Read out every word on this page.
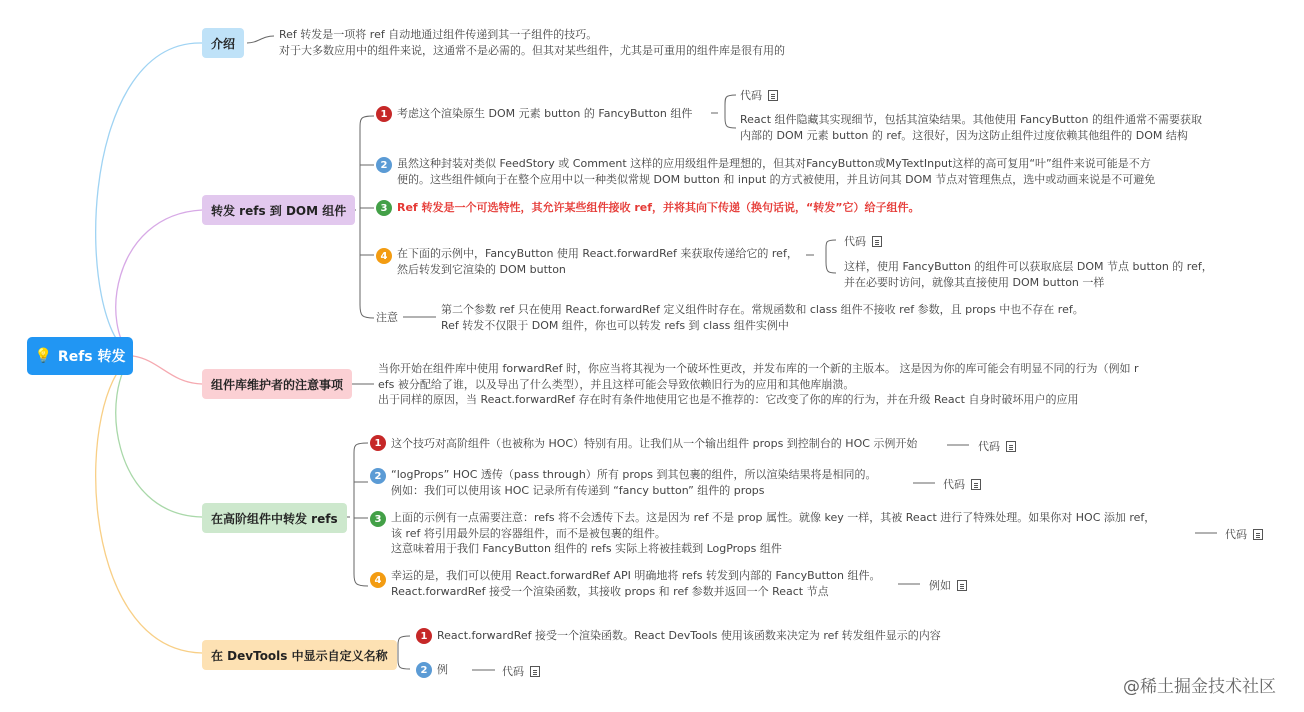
💡 Refs 转发
介绍
Ref 转发是一项将 ref 自动地通过组件传递到其一子组件的技巧。
对于大多数应用中的组件来说，这通常不是必需的。但其对某些组件，尤其是可重用的组件库是很有用的
转发 refs 到 DOM 组件
1 考虑这个渲染原生 DOM 元素 button 的 FancyButton 组件
代码
React 组件隐藏其实现细节，包括其渲染结果。其他使用 FancyButton 的组件通常不需要获取
内部的 DOM 元素 button 的 ref。这很好，因为这防止组件过度依赖其他组件的 DOM 结构
2 虽然这种封装对类似 FeedStory 或 Comment 这样的应用级组件是理想的，但其对FancyButton或MyTextInput这样的高可复用“叶”组件来说可能是不方
便的。这些组件倾向于在整个应用中以一种类似常规 DOM button 和 input 的方式被使用，并且访问其 DOM 节点对管理焦点，选中或动画来说是不可避免
3 Ref 转发是一个可选特性，其允许某些组件接收 ref，并将其向下传递（换句话说，“转发”它）给子组件。
4 在下面的示例中，FancyButton 使用 React.forwardRef 来获取传递给它的 ref，
然后转发到它渲染的 DOM button
代码
这样，使用 FancyButton 的组件可以获取底层 DOM 节点 button 的 ref，
并在必要时访问，就像其直接使用 DOM button 一样
注意
第二个参数 ref 只在使用 React.forwardRef 定义组件时存在。常规函数和 class 组件不接收 ref 参数，且 props 中也不存在 ref。
Ref 转发不仅限于 DOM 组件，你也可以转发 refs 到 class 组件实例中
组件库维护者的注意事项
当你开始在组件库中使用 forwardRef 时，你应当将其视为一个破坏性更改，并发布库的一个新的主版本。 这是因为你的库可能会有明显不同的行为（例如 r
efs 被分配给了谁，以及导出了什么类型），并且这样可能会导致依赖旧行为的应用和其他库崩溃。
出于同样的原因，当 React.forwardRef 存在时有条件地使用它也是不推荐的：它改变了你的库的行为，并在升级 React 自身时破坏用户的应用
在高阶组件中转发 refs
1 这个技巧对高阶组件（也被称为 HOC）特别有用。让我们从一个输出组件 props 到控制台的 HOC 示例开始	代码
2 “logProps” HOC 透传（pass through）所有 props 到其包裹的组件，所以渲染结果将是相同的。
例如：我们可以使用该 HOC 记录所有传递到 “fancy button” 组件的 props	代码
3 上面的示例有一点需要注意：refs 将不会透传下去。这是因为 ref 不是 prop 属性。就像 key 一样，其被 React 进行了特殊处理。如果你对 HOC 添加 ref，
该 ref 将引用最外层的容器组件，而不是被包裹的组件。
这意味着用于我们 FancyButton 组件的 refs 实际上将被挂载到 LogProps 组件
代码
4 幸运的是，我们可以使用 React.forwardRef API 明确地将 refs 转发到内部的 FancyButton 组件。
React.forwardRef 接受一个渲染函数，其接收 props 和 ref 参数并返回一个 React 节点	例如
在 DevTools 中显示自定义名称
1 React.forwardRef 接受一个渲染函数。React DevTools 使用该函数来决定为 ref 转发组件显示的内容
2 例	代码
@稀土掘金技术社区
